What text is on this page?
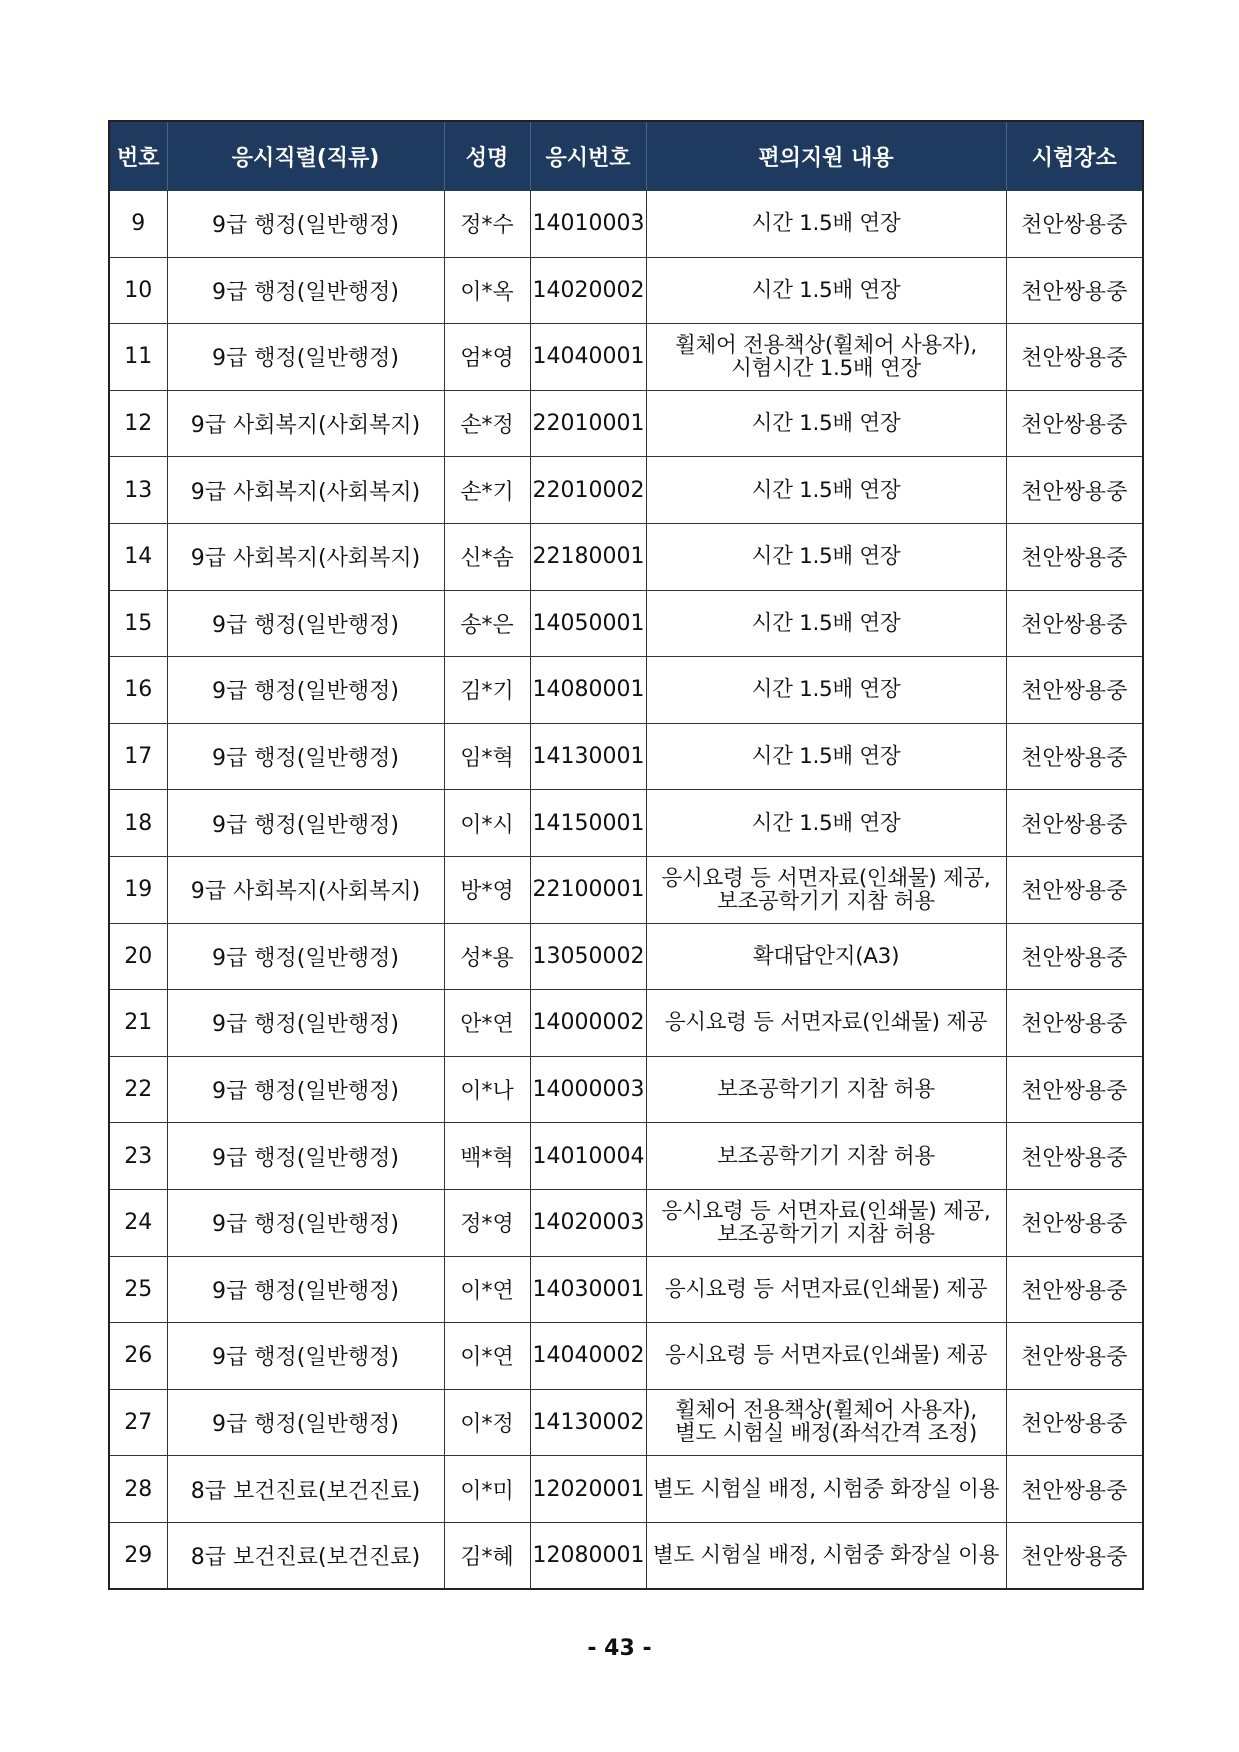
번호	응시직렬(직류)	성명	응시번호	편의지원 내용	시험장소
9	9급 행정(일반행정)	정*수	14010003	시간 1.5배 연장	천안쌍용중
10	9급 행정(일반행정)	이*옥	14020002	시간 1.5배 연장	천안쌍용중
11	9급 행정(일반행정)	엄*영	14040001	휠체어 전용책상(휠체어 사용자),
시험시간 1.5배 연장	천안쌍용중
12	9급 사회복지(사회복지)	손*정	22010001	시간 1.5배 연장	천안쌍용중
13	9급 사회복지(사회복지)	손*기	22010002	시간 1.5배 연장	천안쌍용중
14	9급 사회복지(사회복지)	신*솜	22180001	시간 1.5배 연장	천안쌍용중
15	9급 행정(일반행정)	송*은	14050001	시간 1.5배 연장	천안쌍용중
16	9급 행정(일반행정)	김*기	14080001	시간 1.5배 연장	천안쌍용중
17	9급 행정(일반행정)	임*혁	14130001	시간 1.5배 연장	천안쌍용중
18	9급 행정(일반행정)	이*시	14150001	시간 1.5배 연장	천안쌍용중
19	9급 사회복지(사회복지)	방*영	22100001	응시요령 등 서면자료(인쇄물) 제공,
보조공학기기 지참 허용	천안쌍용중
20	9급 행정(일반행정)	성*용	13050002	확대답안지(A3)	천안쌍용중
21	9급 행정(일반행정)	안*연	14000002	응시요령 등 서면자료(인쇄물) 제공	천안쌍용중
22	9급 행정(일반행정)	이*나	14000003	보조공학기기 지참 허용	천안쌍용중
23	9급 행정(일반행정)	백*혁	14010004	보조공학기기 지참 허용	천안쌍용중
24	9급 행정(일반행정)	정*영	14020003	응시요령 등 서면자료(인쇄물) 제공,
보조공학기기 지참 허용	천안쌍용중
25	9급 행정(일반행정)	이*연	14030001	응시요령 등 서면자료(인쇄물) 제공	천안쌍용중
26	9급 행정(일반행정)	이*연	14040002	응시요령 등 서면자료(인쇄물) 제공	천안쌍용중
27	9급 행정(일반행정)	이*정	14130002	휠체어 전용책상(휠체어 사용자),
별도 시험실 배정(좌석간격 조정)	천안쌍용중
28	8급 보건진료(보건진료)	이*미	12020001	별도 시험실 배정, 시험중 화장실 이용	천안쌍용중
29	8급 보건진료(보건진료)	김*혜	12080001	별도 시험실 배정, 시험중 화장실 이용	천안쌍용중
- 43 -
